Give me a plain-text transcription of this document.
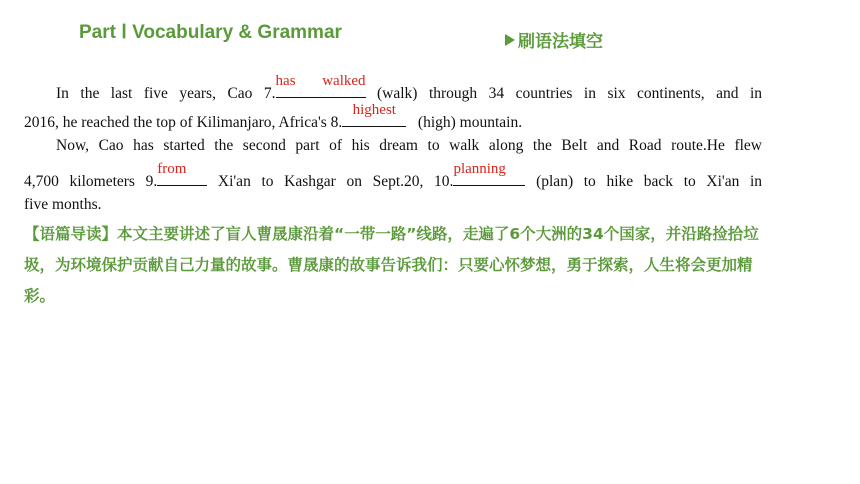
Part Ⅰ Vocabulary & Grammar	刷语法填空
In the last five years, Cao 7.
has walked
(walk) through 34 countries in six continents, and in
2016, he reached the top of Kilimanjaro, Africa's 8.
highest
(high) mountain.
Now, Cao has started the second part of his dream to walk along the Belt and Road route.He flew
4,700 kilometers 9.
from
Xi'an to Kashgar on Sept.20, 10.
planning
(plan) to hike back to Xi'an in
five months.
【语篇导读】本文主要讲述了盲人曹晟康沿着“一带一路”线路，走遍了6个大洲的34个国家，并沿路捡拾垃圾，为环境保护贡献自己力量的故事。曹晟康的故事告诉我们：只要心怀梦想，勇于探索，人生将会更加精彩。
